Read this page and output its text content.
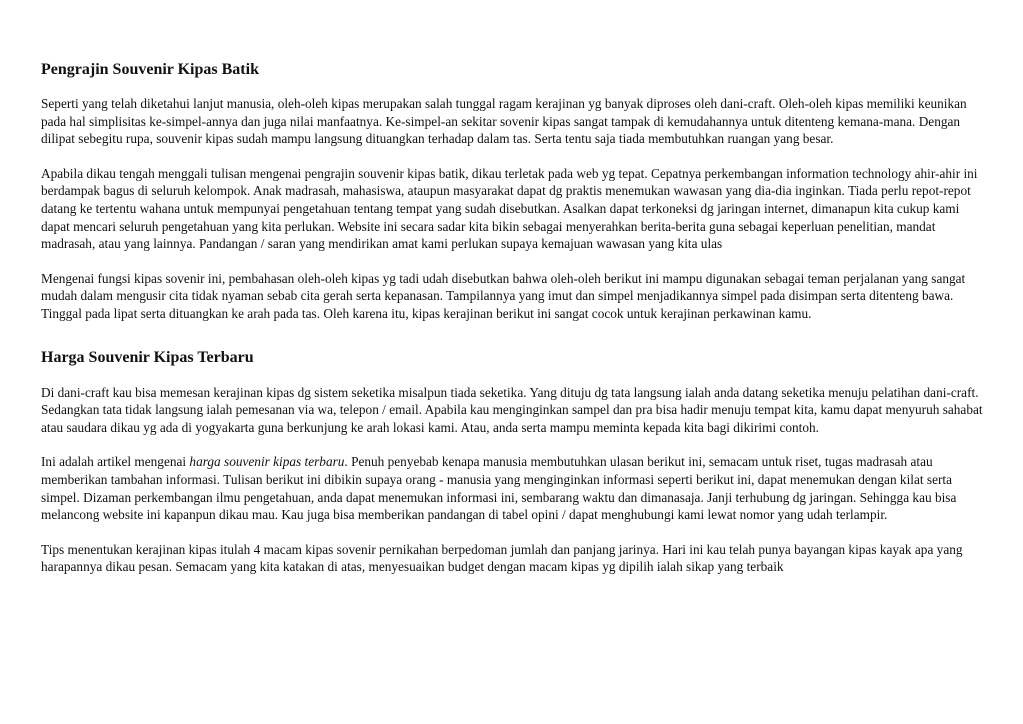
Pengrajin Souvenir Kipas Batik

Seperti yang telah diketahui lanjut manusia, oleh-oleh kipas merupakan salah tunggal ragam kerajinan yg banyak diproses oleh dani-craft. Oleh-oleh kipas memiliki keunikan pada hal simplisitas ke-simpel-annya dan juga nilai manfaatnya. Ke-simpel-an sekitar sovenir kipas sangat tampak di kemudahannya untuk ditenteng kemana-mana. Dengan dilipat sebegitu rupa, souvenir kipas sudah mampu langsung dituangkan terhadap dalam tas. Serta tentu saja tiada membutuhkan ruangan yang besar.

Apabila dikau tengah menggali tulisan mengenai pengrajin souvenir kipas batik, dikau terletak pada web yg tepat. Cepatnya perkembangan information technology ahir-ahir ini berdampak bagus di seluruh kelompok. Anak madrasah, mahasiswa, ataupun masyarakat dapat dg praktis menemukan wawasan yang dia-dia inginkan. Tiada perlu repot-repot datang ke tertentu wahana untuk mempunyai pengetahuan tentang tempat yang sudah disebutkan. Asalkan dapat terkoneksi dg jaringan internet, dimanapun kita cukup kami dapat mencari seluruh pengetahuan yang kita perlukan. Website ini secara sadar kita bikin sebagai menyerahkan berita-berita guna sebagai keperluan penelitian, mandat madrasah, atau yang lainnya. Pandangan / saran yang mendirikan amat kami perlukan supaya kemajuan wawasan yang kita ulas

Mengenai fungsi kipas sovenir ini, pembahasan oleh-oleh kipas yg tadi udah disebutkan bahwa oleh-oleh berikut ini mampu digunakan sebagai teman perjalanan yang sangat mudah dalam mengusir cita tidak nyaman sebab cita gerah serta kepanasan. Tampilannya yang imut dan simpel menjadikannya simpel pada disimpan serta ditenteng bawa. Tinggal pada lipat serta dituangkan ke arah pada tas. Oleh karena itu, kipas kerajinan berikut ini sangat cocok untuk kerajinan perkawinan kamu.

Harga Souvenir Kipas Terbaru

Di dani-craft kau bisa memesan kerajinan kipas dg sistem seketika misalpun tiada seketika. Yang dituju dg tata langsung ialah anda datang seketika menuju pelatihan dani-craft. Sedangkan tata tidak langsung ialah pemesanan via wa, telepon / email. Apabila kau menginginkan sampel dan pra bisa hadir menuju tempat kita, kamu dapat menyuruh sahabat atau saudara dikau yg ada di yogyakarta guna berkunjung ke arah lokasi kami. Atau, anda serta mampu meminta kepada kita bagi dikirimi contoh.

Ini adalah artikel mengenai harga souvenir kipas terbaru. Penuh penyebab kenapa manusia membutuhkan ulasan berikut ini, semacam untuk riset, tugas madrasah atau memberikan tambahan informasi. Tulisan berikut ini dibikin supaya orang - manusia yang menginginkan informasi seperti berikut ini, dapat menemukan dengan kilat serta simpel. Dizaman perkembangan ilmu pengetahuan, anda dapat menemukan informasi ini, sembarang waktu dan dimanasaja. Janji terhubung dg jaringan. Sehingga kau bisa melancong website ini kapanpun dikau mau. Kau juga bisa memberikan pandangan di tabel opini / dapat menghubungi kami lewat nomor yang udah terlampir.

Tips menentukan kerajinan kipas itulah 4 macam kipas sovenir pernikahan berpedoman jumlah dan panjang jarinya. Hari ini kau telah punya bayangan kipas kayak apa yang harapannya dikau pesan. Semacam yang kita katakan di atas, menyesuaikan budget dengan macam kipas yg dipilih ialah sikap yang terbaik
